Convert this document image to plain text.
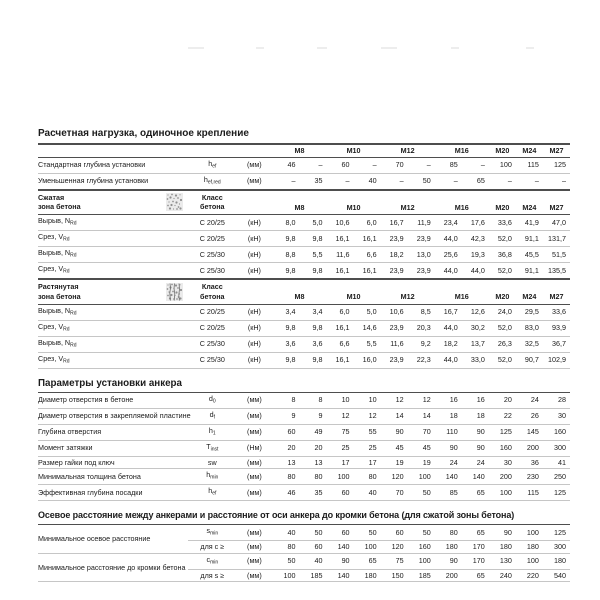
Расчетная нагрузка, одиночное крепление
			M8		M10		M12		M16		M20	M24	M27
Стандартная глубина установки	$h_{ef}$	(мм)	46	–	60	–	70	–	85	–	100	115	125
Уменьшенная глубина установки	$h_{ef,red}$	(мм)	–	35	–	40	–	50	–	65	–	–	–

Сжатая
зона бетона	Класс
бетона		M8		M10		M12		M16		M20	M24	M27
Вырыв, $N_{Rd}$	C 20/25	(кН)	8,0	5,0	10,6	6,0	16,7	11,9	23,4	17,6	33,6	41,9	47,0
Срез, $V_{Rd}$	C 20/25	(кН)	9,8	9,8	16,1	16,1	23,9	23,9	44,0	42,3	52,0	91,1	131,7
Вырыв, $N_{Rd}$	C 25/30	(кН)	8,8	5,5	11,6	6,6	18,2	13,0	25,6	19,3	36,8	45,5	51,5
Срез, $V_{Rd}$	C 25/30	(кН)	9,8	9,8	16,1	16,1	23,9	23,9	44,0	44,0	52,0	91,1	135,5

Растянутая
зона бетона	Класс
бетона		M8		M10		M12		M16		M20	M24	M27
Вырыв, $N_{Rd}$	C 20/25	(кН)	3,4	3,4	6,0	5,0	10,6	8,5	16,7	12,6	24,0	29,5	33,6
Срез, $V_{Rd}$	C 20/25	(кН)	9,8	9,8	16,1	14,6	23,9	20,3	44,0	30,2	52,0	83,0	93,9
Вырыв, $N_{Rd}$	C 25/30	(кН)	3,6	3,6	6,6	5,5	11,6	9,2	18,2	13,7	26,3	32,5	36,7
Срез, $V_{Rd}$	C 25/30	(кН)	9,8	9,8	16,1	16,0	23,9	22,3	44,0	33,0	52,0	90,7	102,9
Параметры установки анкера
Диаметр отверстия в бетоне	$d_0$	(мм)	8	8	10	10	12	12	16	16	20	24	28
Диаметр отверстия в закрепляемой пластине	$d_f$	(мм)	9	9	12	12	14	14	18	18	22	26	30
Глубина отверстия	$h_1$	(мм)	60	49	75	55	90	70	110	90	125	145	160
Момент затяжки	$T_{inst}$	(Нм)	20	20	25	25	45	45	90	90	160	200	300
Размер гайки под ключ	sw	(мм)	13	13	17	17	19	19	24	24	30	36	41
Минимальная толщина бетона	$h_{min}$	(мм)	80	80	100	80	120	100	140	140	200	230	250
Эффективная глубина посадки	$h_{ef}$	(мм)	46	35	60	40	70	50	85	65	100	115	125
Осевое расстояние между анкерами и расстояние от оси анкера до кромки бетона (для сжатой зоны бетона)
Минимальное осевое расстояние	$s_{min}$	(мм)	40	50	60	50	60	50	80	65	90	100	125
	для c ≥	(мм)	80	60	140	100	120	160	180	170	180	180	300
Минимальное расстояние до кромки бетона	$c_{min}$	(мм)	50	40	90	65	75	100	90	170	130	100	180
	для s ≥	(мм)	100	185	140	180	150	185	200	65	240	220	540
